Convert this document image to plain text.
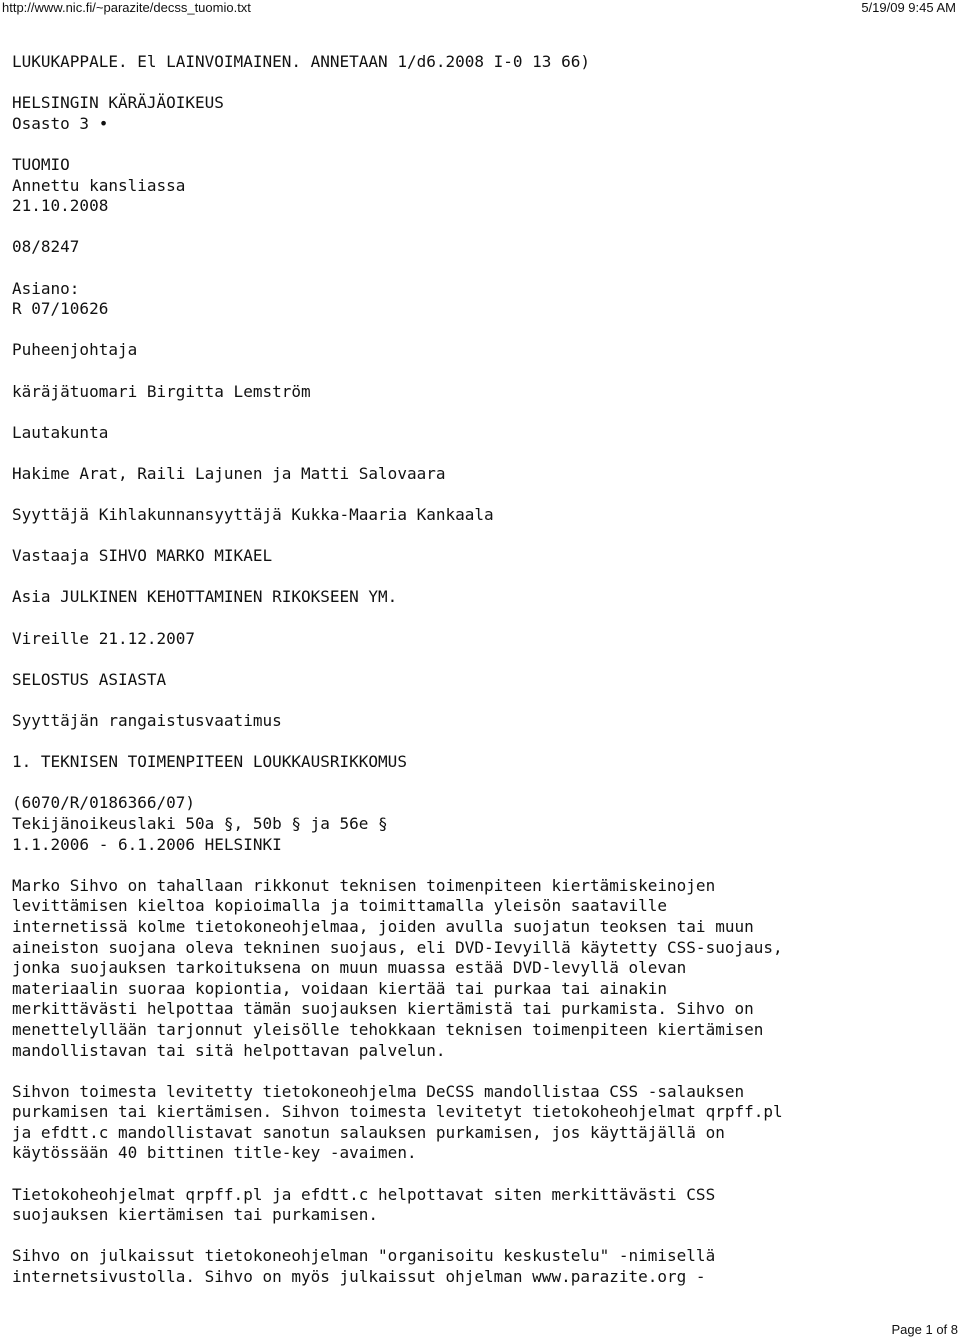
http://www.nic.fi/~parazite/decss_tuomio.txt	5/19/09 9:45 AM
LUKUKAPPALE. El LAINVOIMAINEN. ANNETAAN 1/d6.2008 I-0 13 66)
HELSINGIN KÄRÄJÄOIKEUS
Osasto 3 •
TUOMIO
Annettu kansliassa
21.10.2008
08/8247
Asiano:
R 07/10626
Puheenjohtaja
käräjätuomari Birgitta Lemström
Lautakunta
Hakime Arat, Raili Lajunen ja Matti Salovaara
Syyttäjä Kihlakunnansyyttäjä Kukka-Maaria Kankaala
Vastaaja SIHVO MARKO MIKAEL
Asia JULKINEN KEHOTTAMINEN RIKOKSEEN YM.
Vireille 21.12.2007
SELOSTUS ASIASTA
Syyttäjän rangaistusvaatimus
1. TEKNISEN TOIMENPITEEN LOUKKAUSRIKKOMUS
(6070/R/0186366/07)
Tekijänoikeuslaki 50a §, 50b § ja 56e §
1.1.2006 - 6.1.2006 HELSINKI
Marko Sihvo on tahallaan rikkonut teknisen toimenpiteen kiertämiskeinojen
levittämisen kieltoa kopioimalla ja toimittamalla yleisön saataville
internetissä kolme tietokoneohjelmaa, joiden avulla suojatun teoksen tai muun
aineiston suojana oleva tekninen suojaus, eli DVD-Ievyillä käytetty CSS-suojaus,
jonka suojauksen tarkoituksena on muun muassa estää DVD-levyllä olevan
materiaalin suoraa kopiontia, voidaan kiertää tai purkaa tai ainakin
merkittävästi helpottaa tämän suojauksen kiertämistä tai purkamista. Sihvo on
menettelyllään tarjonnut yleisölle tehokkaan teknisen toimenpiteen kiertämisen
mandollistavan tai sitä helpottavan palvelun.
Sihvon toimesta levitetty tietokoneohjelma DeCSS mandollistaa CSS -salauksen
purkamisen tai kiertämisen. Sihvon toimesta levitetyt tietokoheohjelmat qrpff.pl
ja efdtt.c mandollistavat sanotun salauksen purkamisen, jos käyttäjällä on
käytössään 40 bittinen title-key -avaimen.
Tietokoheohjelmat qrpff.pl ja efdtt.c helpottavat siten merkittävästi CSS
suojauksen kiertämisen tai purkamisen.
Sihvo on julkaissut tietokoneohjelman "organisoitu keskustelu" -nimisellä
internetsivustolla. Sihvo on myös julkaissut ohjelman www.parazite.org -
Page 1 of 8
